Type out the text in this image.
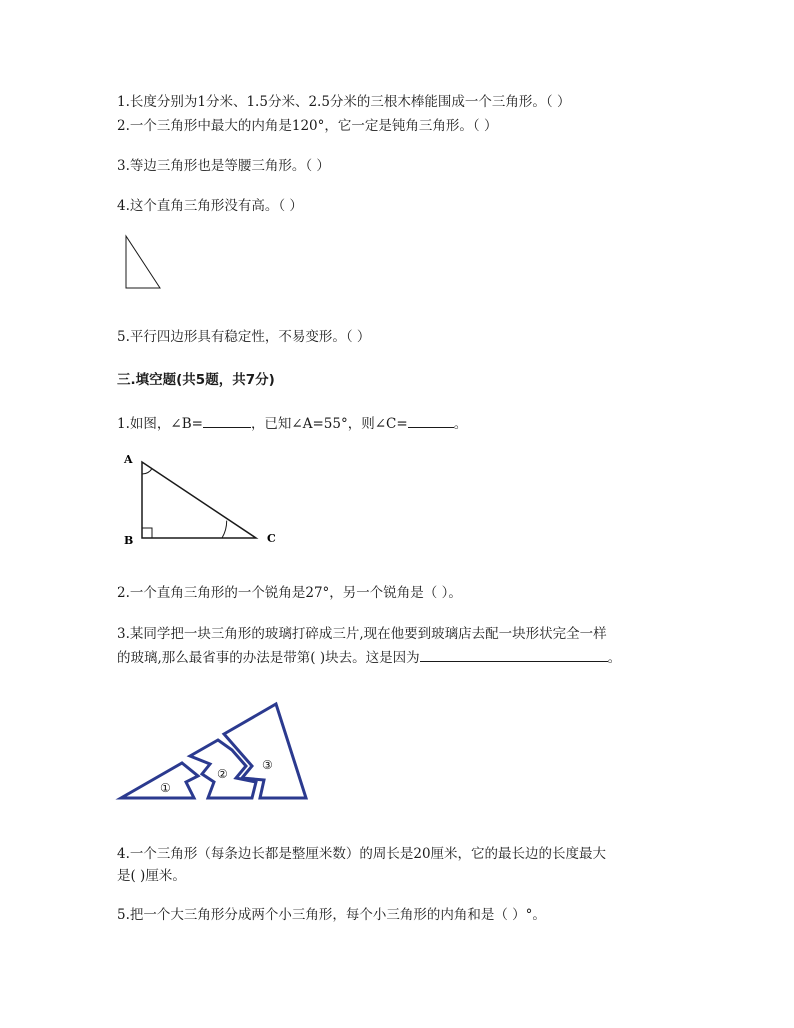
1.长度分别为1分米、1.5分米、2.5分米的三根木棒能围成一个三角形。（ ）
2.一个三角形中最大的内角是120°，它一定是钝角三角形。（ ）
3.等边三角形也是等腰三角形。（ ）
4.这个直角三角形没有高。（ ）
5.平行四边形具有稳定性，不易变形。（ ）
三.填空题(共5题，共7分)
1.如图，∠B=	，已知∠A=55°，则∠C=	。
A
B	C
2.一个直角三角形的一个锐角是27°，另一个锐角是（ ）。
3.某同学把一块三角形的玻璃打碎成三片,现在他要到玻璃店去配一块形状完全一样
的玻璃,那么最省事的办法是带第( )块去。这是因为	。
①
②
③
4.一个三角形（每条边长都是整厘米数）的周长是20厘米，它的最长边的长度最大
是( )厘米。
5.把一个大三角形分成两个小三角形，每个小三角形的内角和是（ ）°。
